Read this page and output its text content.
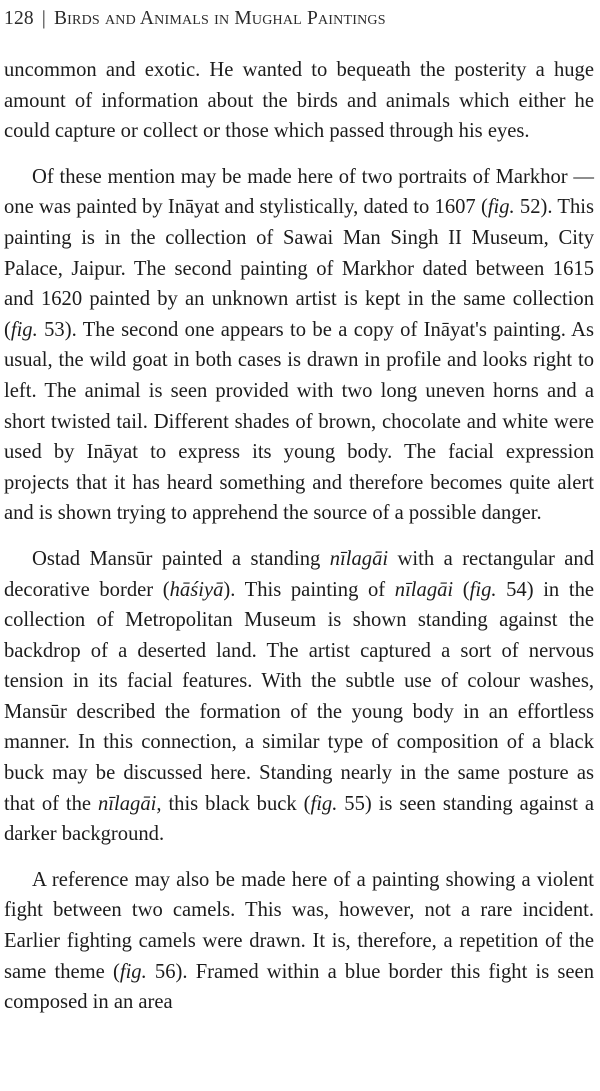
128 | Birds and Animals in Mughal Paintings

uncommon and exotic. He wanted to bequeath the posterity a huge amount of information about the birds and animals which either he could capture or collect or those which passed through his eyes.

Of these mention may be made here of two portraits of Markhor — one was painted by Ināyat and stylistically, dated to 1607 (fig. 52). This painting is in the collection of Sawai Man Singh II Museum, City Palace, Jaipur. The second painting of Markhor dated between 1615 and 1620 painted by an unknown artist is kept in the same collection (fig. 53). The second one appears to be a copy of Ināyat's painting. As usual, the wild goat in both cases is drawn in profile and looks right to left. The animal is seen provided with two long uneven horns and a short twisted tail. Different shades of brown, chocolate and white were used by Ināyat to express its young body. The facial expression projects that it has heard something and therefore becomes quite alert and is shown trying to apprehend the source of a possible danger.

Ostad Mansūr painted a standing nīlagāi with a rectangular and decorative border (hāśiyā). This painting of nīlagāi (fig. 54) in the collection of Metropolitan Museum is shown standing against the backdrop of a deserted land. The artist captured a sort of nervous tension in its facial features. With the subtle use of colour washes, Mansūr described the formation of the young body in an effortless manner. In this connection, a similar type of composition of a black buck may be discussed here. Standing nearly in the same posture as that of the nīlagāi, this black buck (fig. 55) is seen standing against a darker background.

A reference may also be made here of a painting showing a violent fight between two camels. This was, however, not a rare incident. Earlier fighting camels were drawn. It is, therefore, a repetition of the same theme (fig. 56). Framed within a blue border this fight is seen composed in an area
